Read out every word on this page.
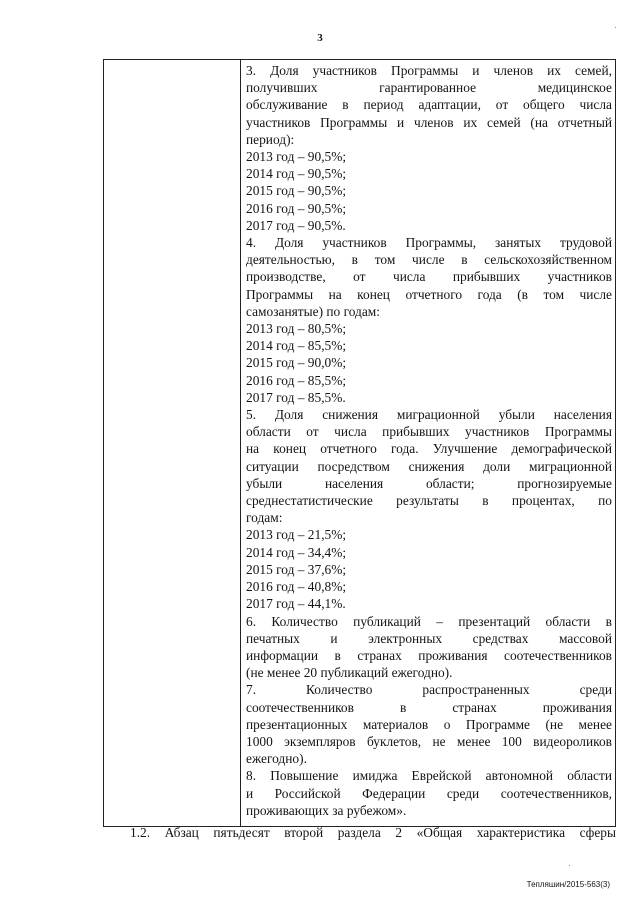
3

3. Доля участников Программы и членов их семей,

получивших гарантированное медицинское

обслуживание в период адаптации, от общего числа

участников Программы и членов их семей (на отчетный

период):

2013 год – 90,5%;

2014 год – 90,5%;

2015 год – 90,5%;

2016 год – 90,5%;

2017 год – 90,5%.

4. Доля участников Программы, занятых трудовой

деятельностью, в том числе в сельскохозяйственном

производстве, от числа прибывших участников

Программы на конец отчетного года (в том числе

самозанятые) по годам:

2013 год – 80,5%;

2014 год – 85,5%;

2015 год – 90,0%;

2016 год – 85,5%;

2017 год – 85,5%.

5. Доля снижения миграционной убыли населения

области от числа прибывших участников Программы

на конец отчетного года. Улучшение демографической

ситуации посредством снижения доли миграционной

убыли населения области; прогнозируемые

среднестатистические результаты в процентах, по

годам:

2013 год – 21,5%;

2014 год – 34,4%;

2015 год – 37,6%;

2016 год – 40,8%;

2017 год – 44,1%.

6. Количество публикаций – презентаций области в

печатных и электронных средствах массовой

информации в странах проживания соотечественников

(не менее 20 публикаций ежегодно).

7. Количество распространенных среди

соотечественников в странах проживания

презентационных материалов о Программе (не менее

1000 экземпляров буклетов, не менее 100 видеороликов

ежегодно).

8. Повышение имиджа Еврейской автономной области

и Российской Федерации среди соотечественников,

проживающих за рубежом».

1.2. Абзац пятьдесят второй раздела 2 «Общая характеристика сферы
Тепляшин/2015-563(3)
·
·
